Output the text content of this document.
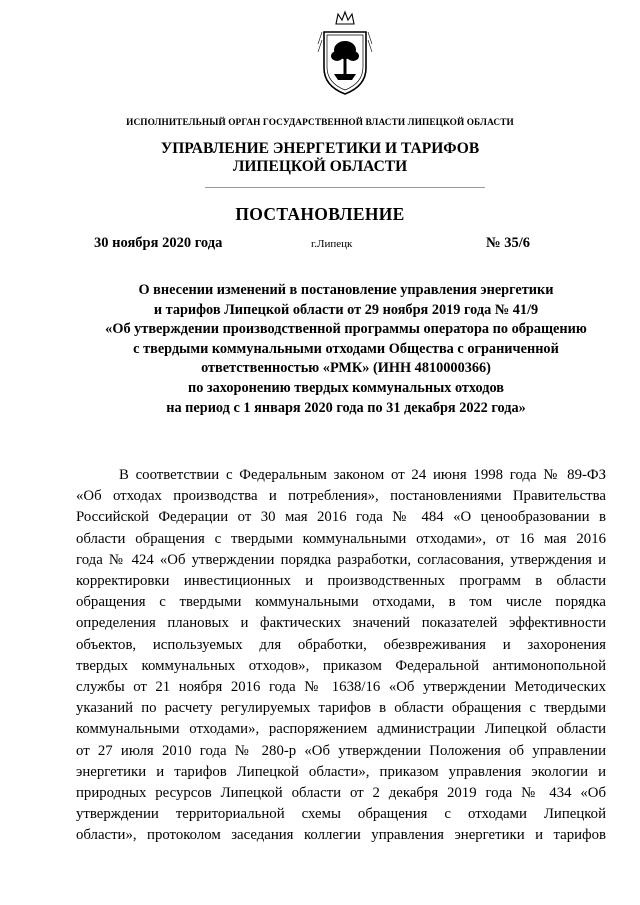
ИСПОЛНИТЕЛЬНЫЙ ОРГАН ГОСУДАРСТВЕННОЙ ВЛАСТИ ЛИПЕЦКОЙ ОБЛАСТИ
УПРАВЛЕНИЕ ЭНЕРГЕТИКИ И ТАРИФОВ
ЛИПЕЦКОЙ ОБЛАСТИ
ПОСТАНОВЛЕНИЕ
30 ноября 2020 года	г.Липецк	№ 35/6
О внесении изменений в постановление управления энергетики
и тарифов Липецкой области от 29 ноября 2019 года № 41/9
«Об утверждении производственной программы оператора по обращению
с твердыми коммунальными отходами Общества с ограниченной
ответственностью «РМК» (ИНН 4810000366)
по захоронению твердых коммунальных отходов
на период с 1 января 2020 года по 31 декабря 2022 года»
В соответствии с Федеральным законом от 24 июня 1998 года № 89-ФЗ
«Об отходах производства и потребления», постановлениями Правительства
Российской Федерации от 30 мая 2016 года № 484 «О ценообразовании в
области обращения с твердыми коммунальными отходами», от 16 мая 2016
года № 424 «Об утверждении порядка разработки, согласования, утверждения и
корректировки инвестиционных и производственных программ в области
обращения с твердыми коммунальными отходами, в том числе порядка
определения плановых и фактических значений показателей эффективности
объектов, используемых для обработки, обезвреживания и захоронения
твердых коммунальных отходов», приказом Федеральной антимонопольной
службы от 21 ноября 2016 года № 1638/16 «Об утверждении Методических
указаний по расчету регулируемых тарифов в области обращения с твердыми
коммунальными отходами», распоряжением администрации Липецкой области
от 27 июля 2010 года № 280-р «Об утверждении Положения об управлении
энергетики и тарифов Липецкой области», приказом управления экологии и
природных ресурсов Липецкой области от 2 декабря 2019 года № 434 «Об
утверждении территориальной схемы обращения с отходами Липецкой
области», протоколом заседания коллегии управления энергетики и тарифов
